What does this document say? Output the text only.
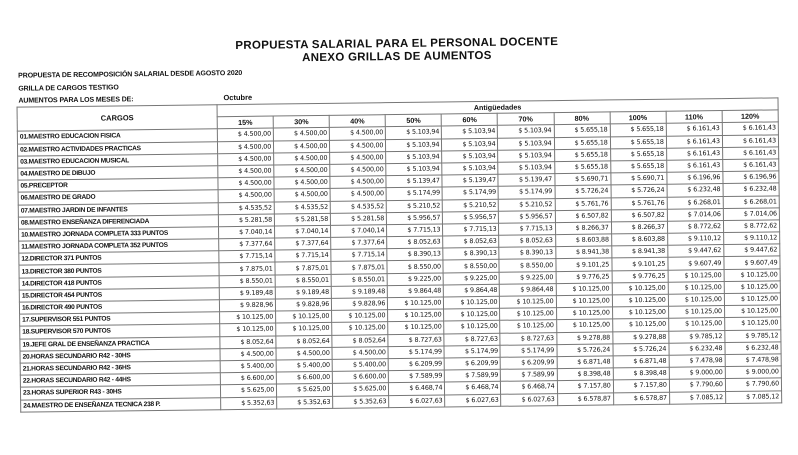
PROPUESTA SALARIAL PARA EL PERSONAL DOCENTE
ANEXO GRILLAS DE AUMENTOS
PROPUESTA DE RECOMPOSICIÓN SALARIAL DESDE AGOSTO 2020
GRILLA DE CARGOS TESTIGO
AUMENTOS PARA LOS MESES DE:	Octubre
CARGOS	Antigüedades									
	15%	30%	40%	50%	60%	70%	80%	100%	110%	120%
01.MAESTRO EDUCACION FISICA	$ 4.500,00	$ 4.500,00	$ 4.500,00	$ 5.103,94	$ 5.103,94	$ 5.103,94	$ 5.655,18	$ 5.655,18	$ 6.161,43	$ 6.161,43
02.MAESTRO ACTIVIDADES PRACTICAS	$ 4.500,00	$ 4.500,00	$ 4.500,00	$ 5.103,94	$ 5.103,94	$ 5.103,94	$ 5.655,18	$ 5.655,18	$ 6.161,43	$ 6.161,43
03.MAESTRO EDUCACION MUSICAL	$ 4.500,00	$ 4.500,00	$ 4.500,00	$ 5.103,94	$ 5.103,94	$ 5.103,94	$ 5.655,18	$ 5.655,18	$ 6.161,43	$ 6.161,43
04.MAESTRO DE DIBUJO	$ 4.500,00	$ 4.500,00	$ 4.500,00	$ 5.103,94	$ 5.103,94	$ 5.103,94	$ 5.655,18	$ 5.655,18	$ 6.161,43	$ 6.161,43
05.PRECEPTOR	$ 4.500,00	$ 4.500,00	$ 4.500,00	$ 5.139,47	$ 5.139,47	$ 5.139,47	$ 5.690,71	$ 5.690,71	$ 6.196,96	$ 6.196,96
06.MAESTRO DE GRADO	$ 4.500,00	$ 4.500,00	$ 4.500,00	$ 5.174,99	$ 5.174,99	$ 5.174,99	$ 5.726,24	$ 5.726,24	$ 6.232,48	$ 6.232,48
07.MAESTRO JARDIN DE INFANTES	$ 4.535,52	$ 4.535,52	$ 4.535,52	$ 5.210,52	$ 5.210,52	$ 5.210,52	$ 5.761,76	$ 5.761,76	$ 6.268,01	$ 6.268,01
08.MAESTRO ENSEÑANZA DIFERENCIADA	$ 5.281,58	$ 5.281,58	$ 5.281,58	$ 5.956,57	$ 5.956,57	$ 5.956,57	$ 6.507,82	$ 6.507,82	$ 7.014,06	$ 7.014,06
10.MAESTRO JORNADA COMPLETA 333 PUNTOS	$ 7.040,14	$ 7.040,14	$ 7.040,14	$ 7.715,13	$ 7.715,13	$ 7.715,13	$ 8.266,37	$ 8.266,37	$ 8.772,62	$ 8.772,62
11.MAESTRO JORNADA COMPLETA 352 PUNTOS	$ 7.377,64	$ 7.377,64	$ 7.377,64	$ 8.052,63	$ 8.052,63	$ 8.052,63	$ 8.603,88	$ 8.603,88	$ 9.110,12	$ 9.110,12
12.DIRECTOR 371 PUNTOS	$ 7.715,14	$ 7.715,14	$ 7.715,14	$ 8.390,13	$ 8.390,13	$ 8.390,13	$ 8.941,38	$ 8.941,38	$ 9.447,62	$ 9.447,62
13.DIRECTOR 380 PUNTOS	$ 7.875,01	$ 7.875,01	$ 7.875,01	$ 8.550,00	$ 8.550,00	$ 8.550,00	$ 9.101,25	$ 9.101,25	$ 9.607,49	$ 9.607,49
14.DIRECTOR 418 PUNTOS	$ 8.550,01	$ 8.550,01	$ 8.550,01	$ 9.225,00	$ 9.225,00	$ 9.225,00	$ 9.776,25	$ 9.776,25	$ 10.125,00	$ 10.125,00
15.DIRECTOR 454 PUNTOS	$ 9.189,48	$ 9.189,48	$ 9.189,48	$ 9.864,48	$ 9.864,48	$ 9.864,48	$ 10.125,00	$ 10.125,00	$ 10.125,00	$ 10.125,00
16.DIRECTOR 490 PUNTOS	$ 9.828,96	$ 9.828,96	$ 9.828,96	$ 10.125,00	$ 10.125,00	$ 10.125,00	$ 10.125,00	$ 10.125,00	$ 10.125,00	$ 10.125,00
17.SUPERVISOR 551 PUNTOS	$ 10.125,00	$ 10.125,00	$ 10.125,00	$ 10.125,00	$ 10.125,00	$ 10.125,00	$ 10.125,00	$ 10.125,00	$ 10.125,00	$ 10.125,00
18.SUPERVISOR 570 PUNTOS	$ 10.125,00	$ 10.125,00	$ 10.125,00	$ 10.125,00	$ 10.125,00	$ 10.125,00	$ 10.125,00	$ 10.125,00	$ 10.125,00	$ 10.125,00
19.JEFE GRAL DE ENSEÑANZA PRACTICA	$ 8.052,64	$ 8.052,64	$ 8.052,64	$ 8.727,63	$ 8.727,63	$ 8.727,63	$ 9.278,88	$ 9.278,88	$ 9.785,12	$ 9.785,12
20.HORAS SECUNDARIO R42 - 30HS	$ 4.500,00	$ 4.500,00	$ 4.500,00	$ 5.174,99	$ 5.174,99	$ 5.174,99	$ 5.726,24	$ 5.726,24	$ 6.232,48	$ 6.232,48
21.HORAS SECUNDARIO R42 - 36HS	$ 5.400,00	$ 5.400,00	$ 5.400,00	$ 6.209,99	$ 6.209,99	$ 6.209,99	$ 6.871,48	$ 6.871,48	$ 7.478,98	$ 7.478,98
22.HORAS SECUNDARIO R42 - 44HS	$ 6.600,00	$ 6.600,00	$ 6.600,00	$ 7.589,99	$ 7.589,99	$ 7.589,99	$ 8.398,48	$ 8.398,48	$ 9.000,00	$ 9.000,00
23.HORAS SUPERIOR R43 - 30HS	$ 5.625,00	$ 5.625,00	$ 5.625,00	$ 6.468,74	$ 6.468,74	$ 6.468,74	$ 7.157,80	$ 7.157,80	$ 7.790,60	$ 7.790,60
24.MAESTRO DE ENSEÑANZA TECNICA 238 P.	$ 5.352,63	$ 5.352,63	$ 5.352,63	$ 6.027,63	$ 6.027,63	$ 6.027,63	$ 6.578,87	$ 6.578,87	$ 7.085,12	$ 7.085,12
